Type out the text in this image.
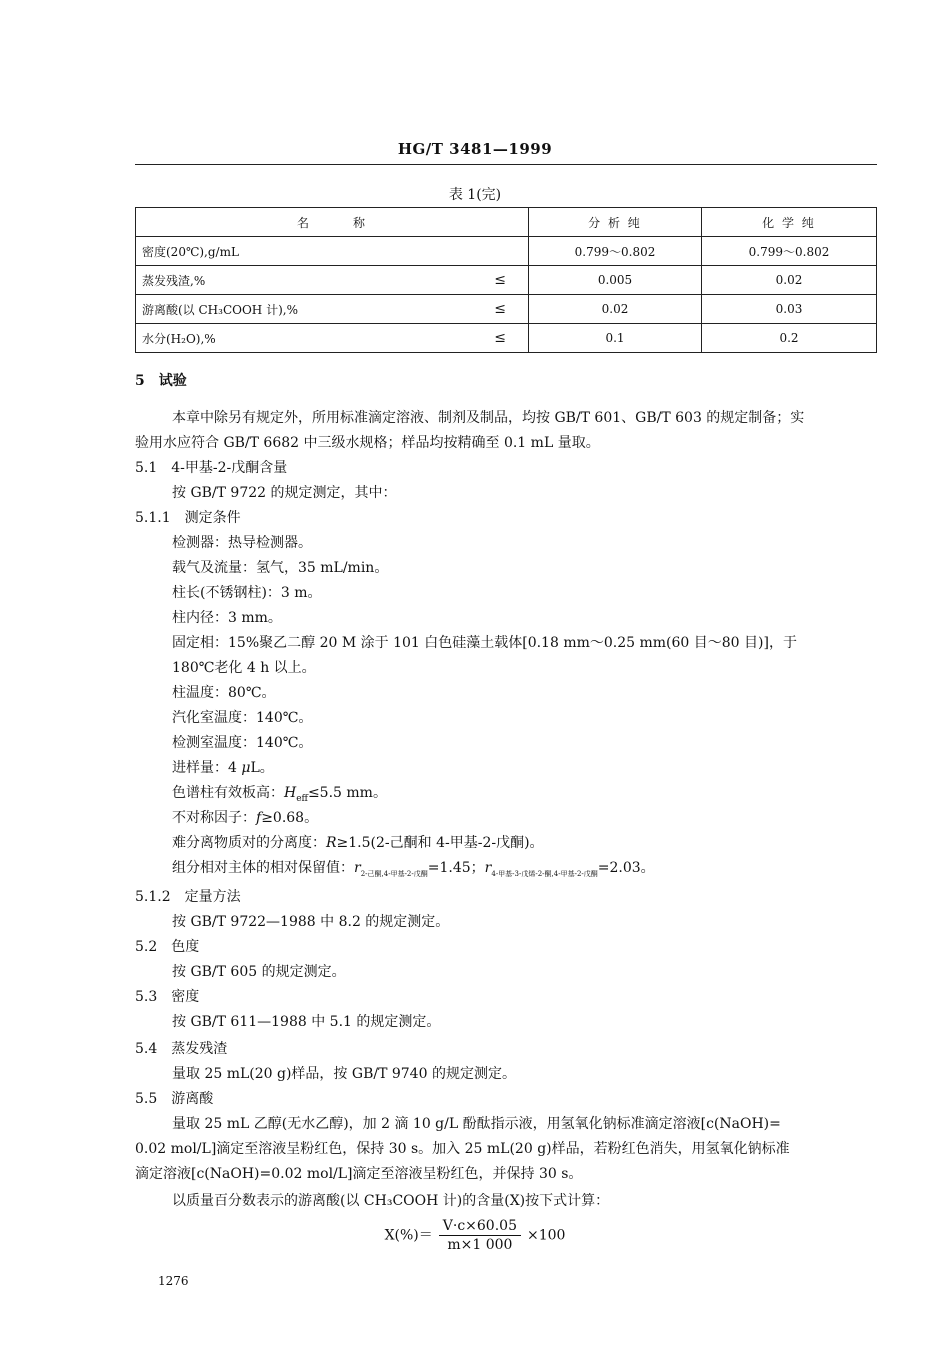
HG/T 3481—1999
表 1(完)
名　　　称	分 析 纯	化 学 纯
密度(20℃),g/mL	0.799～0.802	0.799～0.802
蒸发残渣,% ≤	0.005	0.02
游离酸(以 CH₃COOH 计),% ≤	0.02	0.03
水分(H₂O),% ≤	0.1	0.2
5　试验
本章中除另有规定外，所用标准滴定溶液、制剂及制品，均按 GB/T 601、GB/T 603 的规定制备；实
验用水应符合 GB/T 6682 中三级水规格；样品均按精确至 0.1 mL 量取。
5.1　4-甲基-2-戊酮含量
按 GB/T 9722 的规定测定，其中：
5.1.1　测定条件
检测器：热导检测器。
载气及流量：氢气，35 mL/min。
柱长(不锈钢柱)：3 m。
柱内径：3 mm。
固定相：15%聚乙二醇 20 M 涂于 101 白色硅藻土载体[0.18 mm～0.25 mm(60 目～80 目)]，于
180℃老化 4 h 以上。
柱温度：80℃。
汽化室温度：140℃。
检测室温度：140℃。
进样量：4 μL。
色谱柱有效板高：$H_{eff}\le 5.5$ mm。
不对称因子：f≥0.68。
难分离物质对的分离度：R≥1.5(2-己酮和 4-甲基-2-戊酮)。
组分相对主体的相对保留值：$r_{2-己酮,4-甲基-2-戊酮}=1.45$；$r_{4-甲基-3-戊烯-2-酮,4-甲基-2-戊酮}=2.03$。
5.1.2　定量方法
按 GB/T 9722—1988 中 8.2 的规定测定。
5.2　色度
按 GB/T 605 的规定测定。
5.3　密度
按 GB/T 611—1988 中 5.1 的规定测定。
5.4　蒸发残渣
量取 25 mL(20 g)样品，按 GB/T 9740 的规定测定。
5.5　游离酸
量取 25 mL 乙醇(无水乙醇)，加 2 滴 10 g/L 酚酞指示液，用氢氧化钠标准滴定溶液[c(NaOH)=
0.02 mol/L]滴定至溶液呈粉红色，保持 30 s。加入 25 mL(20 g)样品，若粉红色消失，用氢氧化钠标准
滴定溶液[c(NaOH)=0.02 mol/L]滴定至溶液呈粉红色，并保持 30 s。
以质量百分数表示的游离酸(以 CH₃COOH 计)的含量(X)按下式计算：
$X(\%)= \frac{V\cdot c\times 60.05}{m\times 1 000} \times 100$
1276
